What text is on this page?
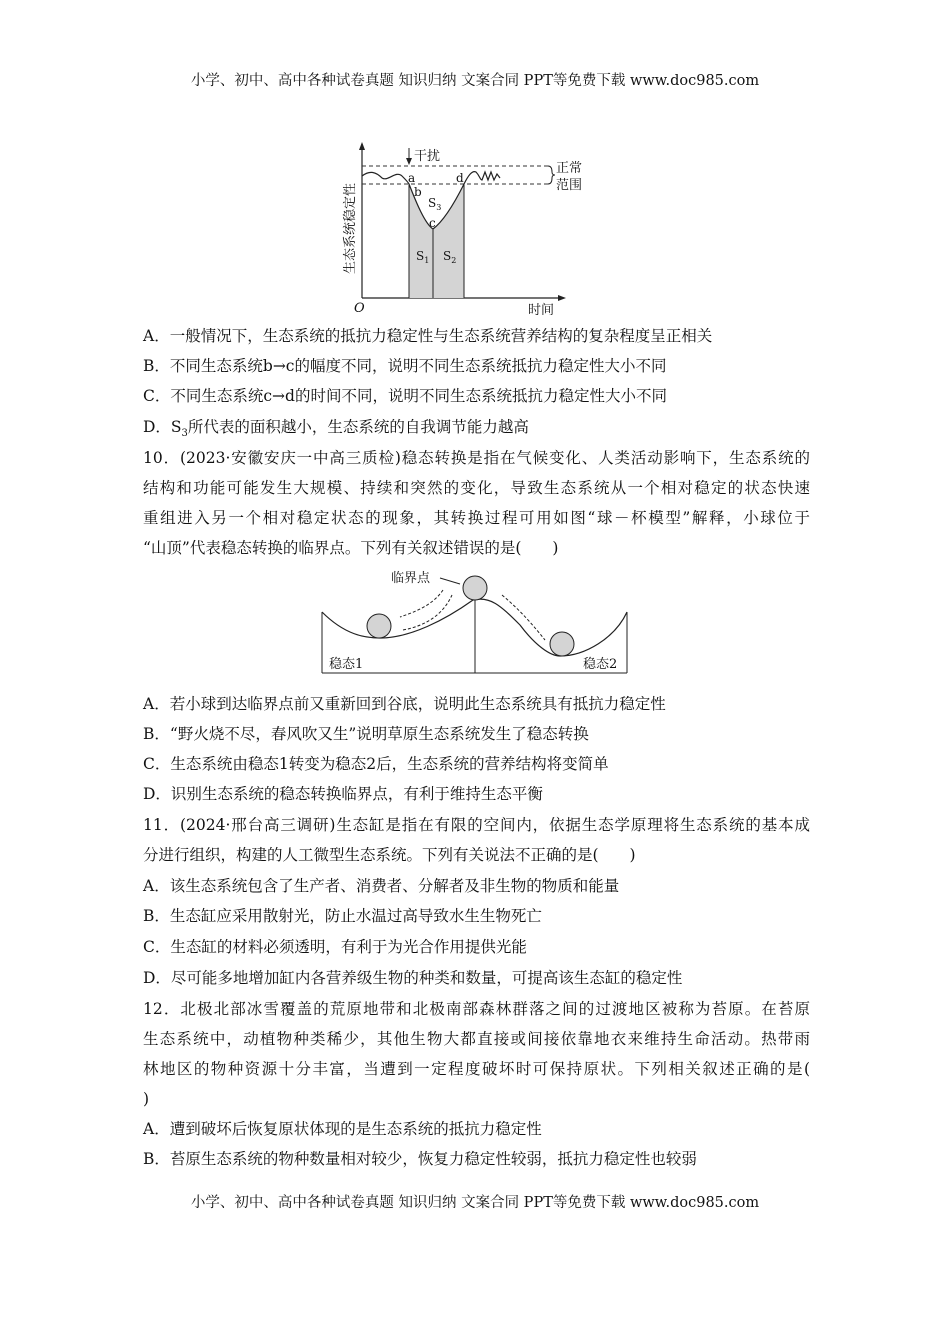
小学、初中、高中各种试卷真题 知识归纳 文案合同 PPT等免费下载 www.doc985.com
干扰
正常
范围
a
b
c
d
$S_3$
$S_1$ $S_2$
O	时间
生态系统稳定性
A．一般情况下，生态系统的抵抗力稳定性与生态系统营养结构的复杂程度呈正相关
B．不同生态系统b→c的幅度不同，说明不同生态系统抵抗力稳定性大小不同
C．不同生态系统c→d的时间不同，说明不同生态系统抵抗力稳定性大小不同
D．$S_3$所代表的面积越小，生态系统的自我调节能力越高
10．(2023·安徽安庆一中高三质检)稳态转换是指在气候变化、人类活动影响下，生态系统的
结构和功能可能发生大规模、持续和突然的变化，导致生态系统从一个相对稳定的状态快速
重组进入另一个相对稳定状态的现象，其转换过程可用如图“球－杯模型”解释，小球位于
“山顶”代表稳态转换的临界点。下列有关叙述错误的是(　　)
临界点
稳态1	稳态2
A．若小球到达临界点前又重新回到谷底，说明此生态系统具有抵抗力稳定性
B．“野火烧不尽，春风吹又生”说明草原生态系统发生了稳态转换
C．生态系统由稳态1转变为稳态2后，生态系统的营养结构将变简单
D．识别生态系统的稳态转换临界点，有利于维持生态平衡
11．(2024·邢台高三调研)生态缸是指在有限的空间内，依据生态学原理将生态系统的基本成
分进行组织，构建的人工微型生态系统。下列有关说法不正确的是(　　)
A．该生态系统包含了生产者、消费者、分解者及非生物的物质和能量
B．生态缸应采用散射光，防止水温过高导致水生生物死亡
C．生态缸的材料必须透明，有利于为光合作用提供光能
D．尽可能多地增加缸内各营养级生物的种类和数量，可提高该生态缸的稳定性
12．北极北部冰雪覆盖的荒原地带和北极南部森林群落之间的过渡地区被称为苔原。在苔原
生态系统中，动植物种类稀少，其他生物大都直接或间接依靠地衣来维持生命活动。热带雨
林地区的物种资源十分丰富，当遭到一定程度破坏时可保持原状。下列相关叙述正确的是(
)
A．遭到破坏后恢复原状体现的是生态系统的抵抗力稳定性
B．苔原生态系统的物种数量相对较少，恢复力稳定性较弱，抵抗力稳定性也较弱
小学、初中、高中各种试卷真题 知识归纳 文案合同 PPT等免费下载 www.doc985.com
